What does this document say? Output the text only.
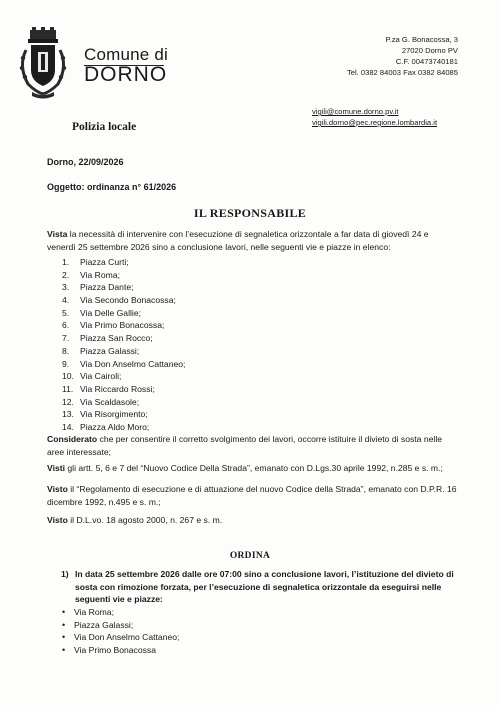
Comune di
DORNO
P.za G. Bonacossa, 3
27020 Dorno PV
C.F. 00473740181
Tel. 0382 84003 Fax 0382 84085
vigili@comune.dorno.pv.it
vigili.dorno@pec.regione.lombardia.it
Polizia locale
Dorno, 22/09/2026
Oggetto: ordinanza n° 61/2026
IL RESPONSABILE
Vista la necessità di intervenire con l’esecuzione di segnaletica orizzontale a far data di giovedì 24 e venerdì 25 settembre 2026 sino a conclusione lavori, nelle seguenti vie e piazze in elenco:
1.	Piazza Curti;
2.	Via Roma;
3.	Piazza Dante;
4.	Via Secondo Bonacossa;
5.	Via Delle Gallie;
6.	Via Primo Bonacossa;
7.	Piazza San Rocco;
8.	Piazza Galassi;
9.	Via Don Anselmo Cattaneo;
10. Via Cairoli;
11. Via Riccardo Rossi;
12. Via Scaldasole;
13. Via Risorgimento;
14. Piazza Aldo Moro;
Considerato che per consentire il corretto svolgimento dei lavori, occorre istituire il divieto di sosta nelle aree interessate;
Visti gli artt. 5, 6 e 7 del “Nuovo Codice Della Strada”, emanato con D.Lgs.30 aprile 1992, n.285 e s. m.;
Visto il “Regolamento di esecuzione e di attuazione del nuovo Codice della Strada”, emanato con D.P.R. 16 dicembre 1992, n.495 e s. m.;
Visto il D.L.vo. 18 agosto 2000, n. 267 e s. m.
ORDINA
1) In data 25 settembre 2026 dalle ore 07:00 sino a conclusione lavori, l’istituzione del divieto di sosta con rimozione forzata, per l’esecuzione di segnaletica orizzontale da eseguirsi nelle seguenti vie e piazze:
•	Via Roma;
•	Piazza Galassi;
•	Via Don Anselmo Cattaneo;
•	Via Primo Bonacossa
